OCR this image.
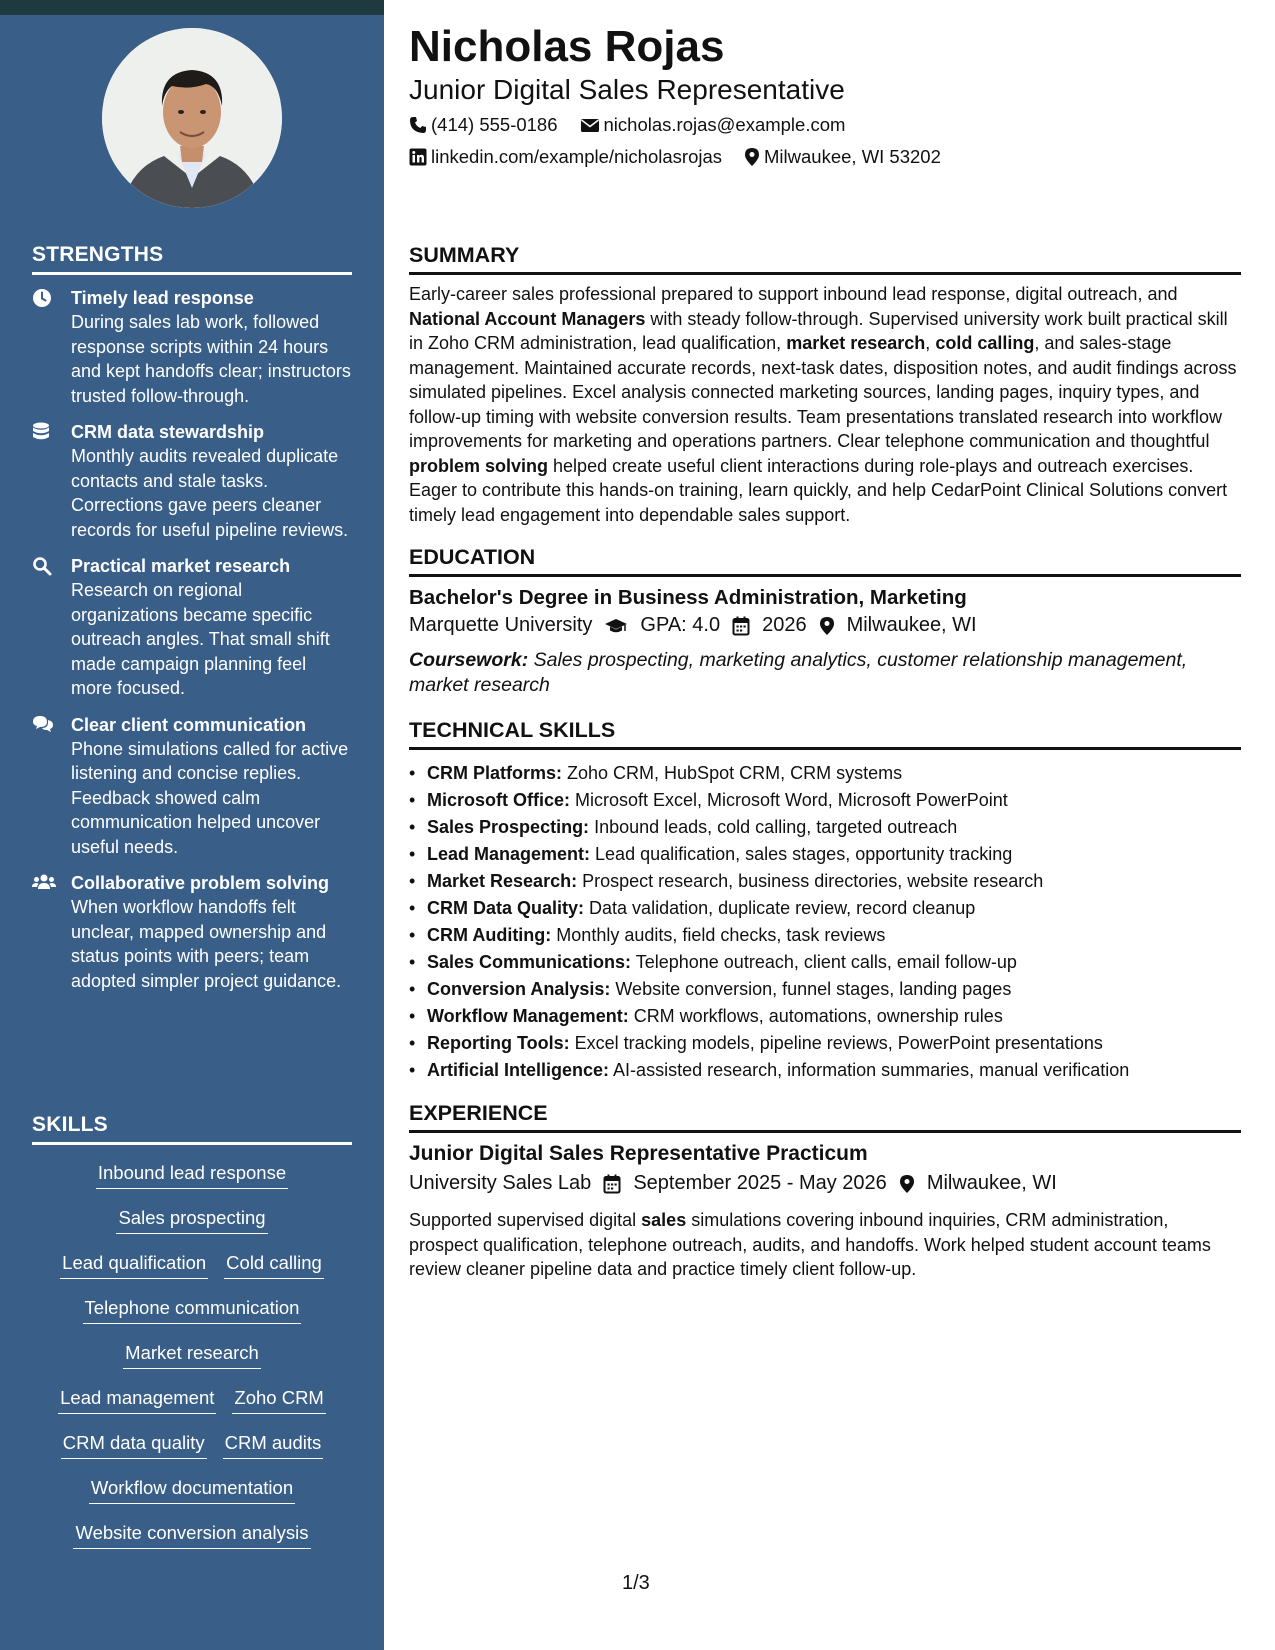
STRENGTHS
Timely lead response
During sales lab work, followed response scripts within 24 hours and kept handoffs clear; instructors trusted follow-through.
CRM data stewardship
Monthly audits revealed duplicate contacts and stale tasks. Corrections gave peers cleaner records for useful pipeline reviews.
Practical market research
Research on regional organizations became specific outreach angles. That small shift made campaign planning feel more focused.
Clear client communication
Phone simulations called for active listening and concise replies. Feedback showed calm communication helped uncover useful needs.
Collaborative problem solving
When workflow handoffs felt unclear, mapped ownership and status points with peers; team adopted simpler project guidance.
SKILLS
Inbound lead response
Sales prospecting
Lead qualification Cold calling
Telephone communication
Market research
Lead management Zoho CRM
CRM data quality CRM audits
Workflow documentation
Website conversion analysis
Nicholas Rojas
Junior Digital Sales Representative
(414) 555-0186 nicholas.rojas@example.com
linkedin.com/example/nicholasrojas Milwaukee, WI 53202
SUMMARY
Early-career sales professional prepared to support inbound lead response, digital outreach, and National Account Managers with steady follow-through. Supervised university work built practical skill in Zoho CRM administration, lead qualification, market research, cold calling, and sales-stage management. Maintained accurate records, next-task dates, disposition notes, and audit findings across simulated pipelines. Excel analysis connected marketing sources, landing pages, inquiry types, and follow-up timing with website conversion results. Team presentations translated research into workflow improvements for marketing and operations partners. Clear telephone communication and thoughtful problem solving helped create useful client interactions during role-plays and outreach exercises. Eager to contribute this hands-on training, learn quickly, and help CedarPoint Clinical Solutions convert timely lead engagement into dependable sales support.
EDUCATION
Bachelor's Degree in Business Administration, Marketing
Marquette University GPA: 4.0 2026 Milwaukee, WI
Coursework: Sales prospecting, marketing analytics, customer relationship management, market research
TECHNICAL SKILLS
• CRM Platforms: Zoho CRM, HubSpot CRM, CRM systems
• Microsoft Office: Microsoft Excel, Microsoft Word, Microsoft PowerPoint
• Sales Prospecting: Inbound leads, cold calling, targeted outreach
• Lead Management: Lead qualification, sales stages, opportunity tracking
• Market Research: Prospect research, business directories, website research
• CRM Data Quality: Data validation, duplicate review, record cleanup
• CRM Auditing: Monthly audits, field checks, task reviews
• Sales Communications: Telephone outreach, client calls, email follow-up
• Conversion Analysis: Website conversion, funnel stages, landing pages
• Workflow Management: CRM workflows, automations, ownership rules
• Reporting Tools: Excel tracking models, pipeline reviews, PowerPoint presentations
• Artificial Intelligence: AI-assisted research, information summaries, manual verification
EXPERIENCE
Junior Digital Sales Representative Practicum
University Sales Lab September 2025 - May 2026 Milwaukee, WI
Supported supervised digital sales simulations covering inbound inquiries, CRM administration, prospect qualification, telephone outreach, audits, and handoffs. Work helped student account teams review cleaner pipeline data and practice timely client follow-up.
1/3
